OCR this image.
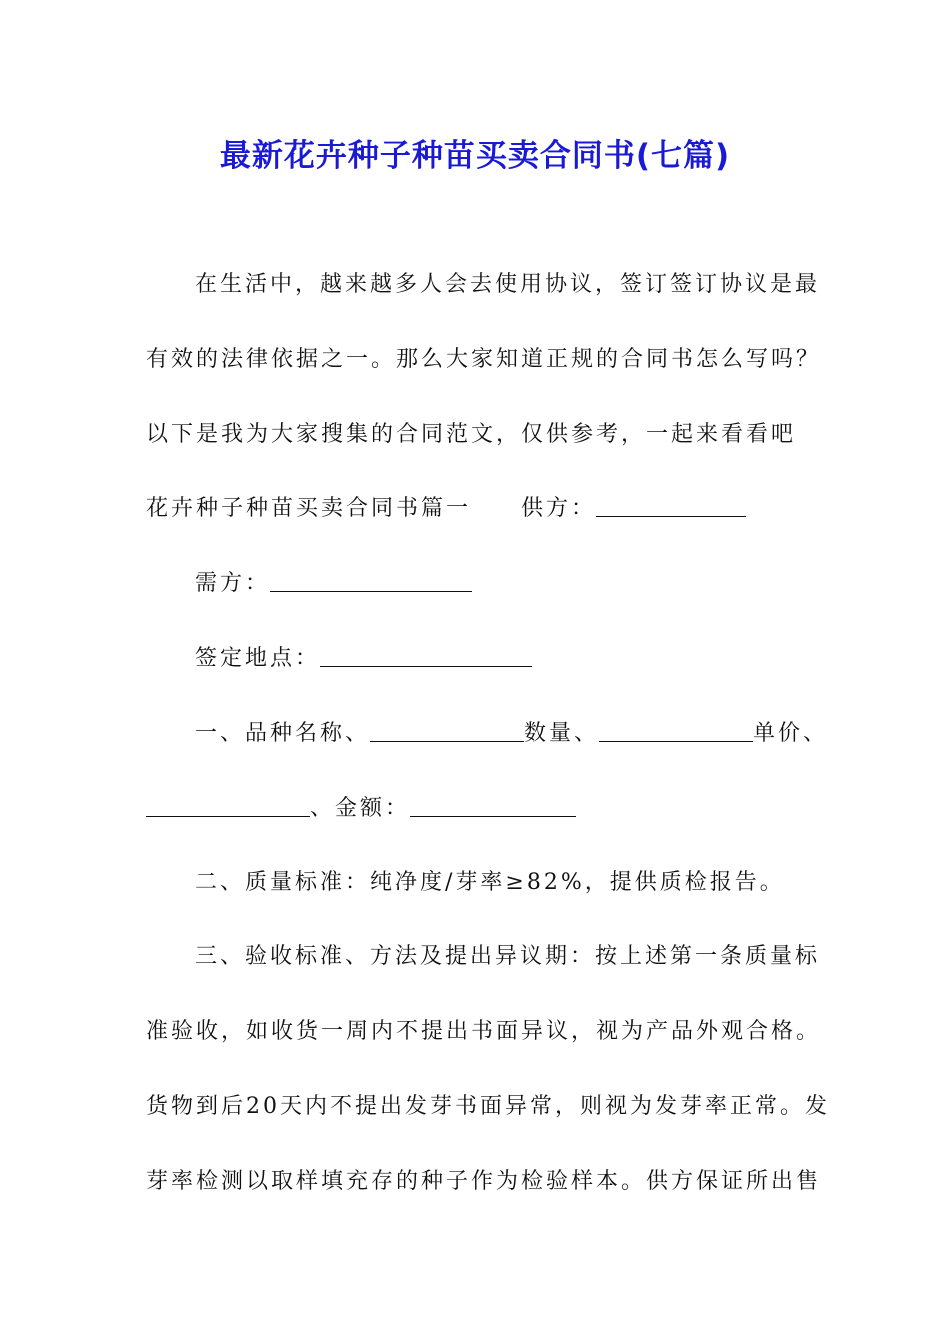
最新花卉种子种苗买卖合同书(七篇)
在生活中，越来越多人会去使用协议，签订签订协议是最
有效的法律依据之一。那么大家知道正规的合同书怎么写吗？
以下是我为大家搜集的合同范文，仅供参考，一起来看看吧
花卉种子种苗买卖合同书篇一 供方：
需方：
签定地点：
一、品种名称、	数量、	单价、
、金额：
二、质量标准：纯净度/芽率≥82%，提供质检报告。
三、验收标准、方法及提出异议期：按上述第一条质量标
准验收，如收货一周内不提出书面异议，视为产品外观合格。
货物到后20天内不提出发芽书面异常，则视为发芽率正常。发
芽率检测以取样填充存的种子作为检验样本。供方保证所出售
